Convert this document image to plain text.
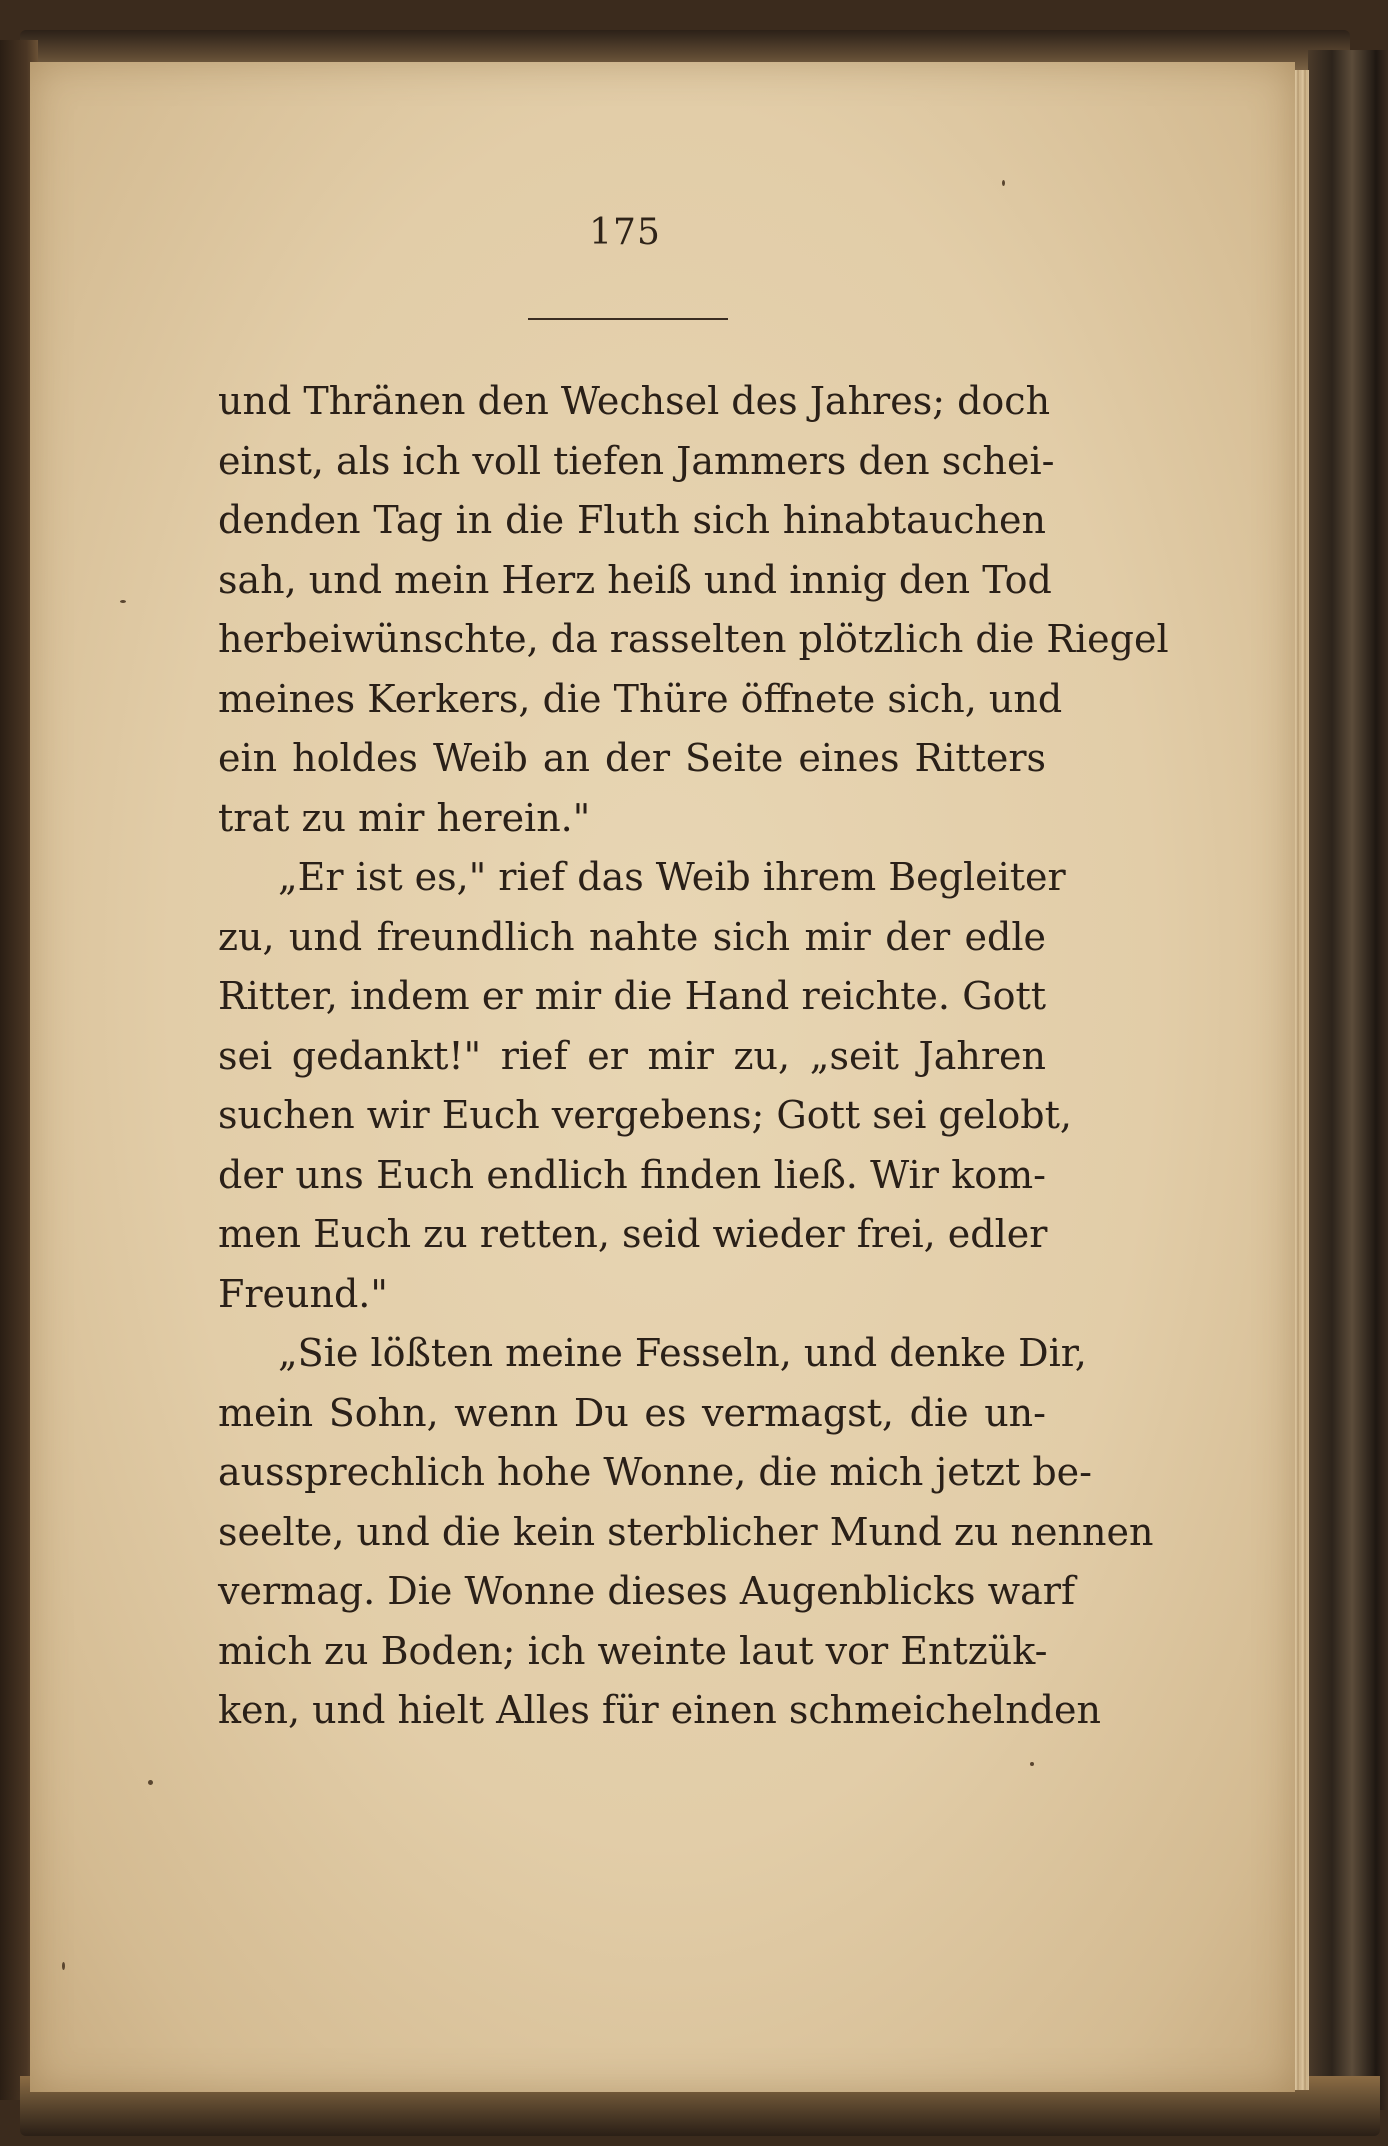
175
und Thränen den Wechsel des Jahres; doch
einst, als ich voll tiefen Jammers den schei-
denden Tag in die Fluth sich hinabtauchen
sah, und mein Herz heiß und innig den Tod
herbeiwünschte, da rasselten plötzlich die Riegel
meines Kerkers, die Thüre öffnete sich, und
ein holdes Weib an der Seite eines Ritters
trat zu mir herein."
„Er ist es," rief das Weib ihrem Begleiter
zu, und freundlich nahte sich mir der edle
Ritter, indem er mir die Hand reichte. Gott
sei gedankt!" rief er mir zu, „seit Jahren
suchen wir Euch vergebens; Gott sei gelobt,
der uns Euch endlich finden ließ. Wir kom-
men Euch zu retten, seid wieder frei, edler
Freund."
„Sie lößten meine Fesseln, und denke Dir,
mein Sohn, wenn Du es vermagst, die un-
aussprechlich hohe Wonne, die mich jetzt be-
seelte, und die kein sterblicher Mund zu nennen
vermag. Die Wonne dieses Augenblicks warf
mich zu Boden; ich weinte laut vor Entzük-
ken, und hielt Alles für einen schmeichelnden
